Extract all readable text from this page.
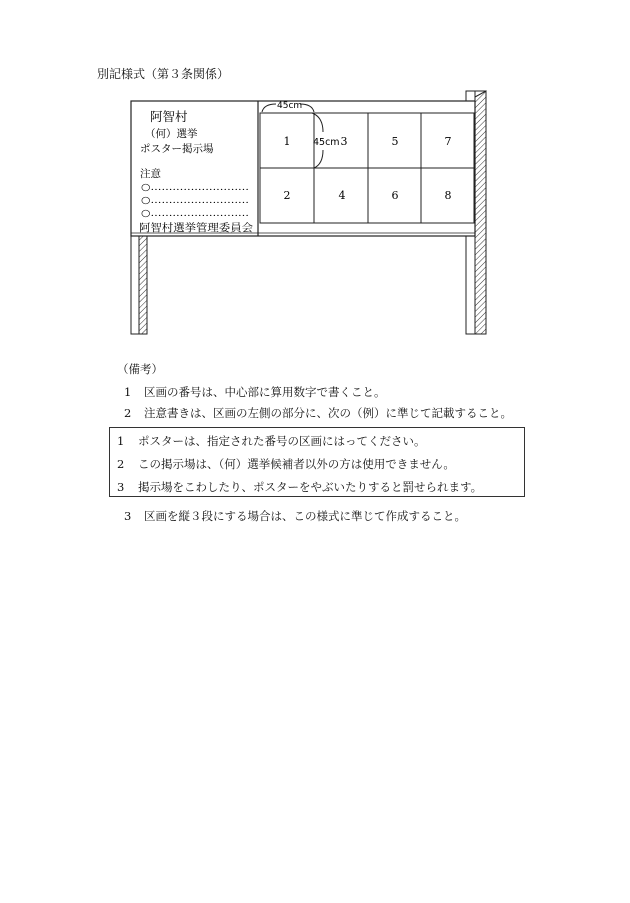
別記様式（第３条関係）
45cm
45cm
1	3	5	7
2	4	6	8
阿智村
（何）選挙
ポスター掲示場
注意
○………………………
○………………………
○………………………
阿智村選挙管理委員会
（備考）
1 区画の番号は、中心部に算用数字で書くこと。
2 注意書きは、区画の左側の部分に、次の（例）に準じて記載すること。
1 ポスターは、指定された番号の区画にはってください。
2 この掲示場は、（何）選挙候補者以外の方は使用できません。
3 掲示場をこわしたり、ポスターをやぶいたりすると罰せられます。
3 区画を縦３段にする場合は、この様式に準じて作成すること。
